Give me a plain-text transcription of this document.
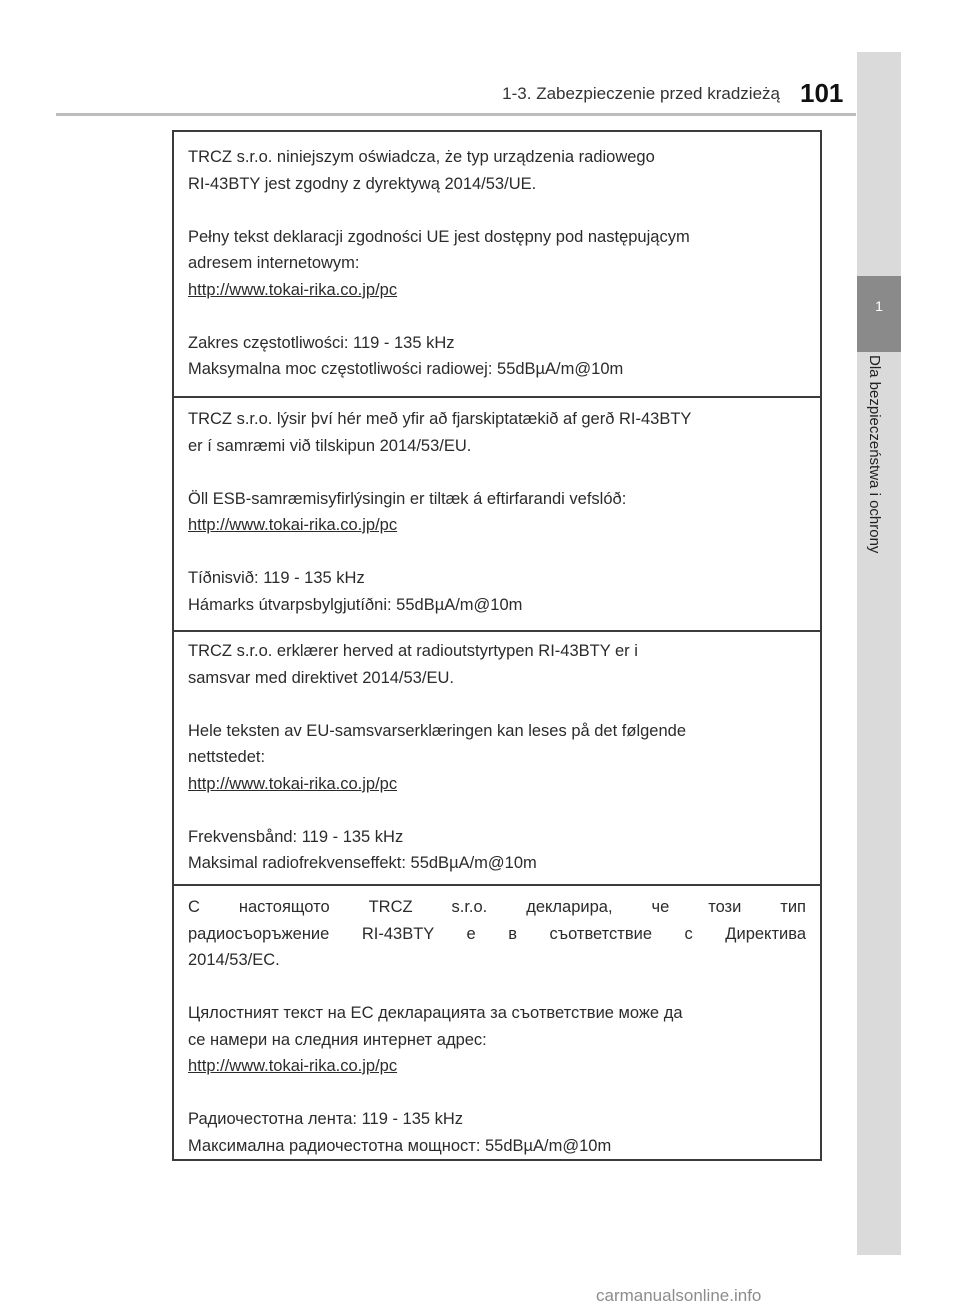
1-3. Zabezpieczenie przed kradzieżą 101
1
Dla bezpieczeństwa i ochrony
TRCZ s.r.o. niniejszym oświadcza, że typ urządzenia radiowego
RI-43BTY jest zgodny z dyrektywą 2014/53/UE.
Pełny tekst deklaracji zgodności UE jest dostępny pod następującym
adresem internetowym:
http://www.tokai-rika.co.jp/pc
Zakres częstotliwości: 119 - 135 kHz
Maksymalna moc częstotliwości radiowej: 55dBµA/m@10m
TRCZ s.r.o. lýsir því hér með yfir að fjarskiptatækið af gerð RI-43BTY
er í samræmi við tilskipun 2014/53/EU.
Öll ESB-samræmisyfirlýsingin er tiltæk á eftirfarandi vefslóð:
http://www.tokai-rika.co.jp/pc
Tíðnisvið: 119 - 135 kHz
Hámarks útvarpsbylgjutíðni: 55dBµA/m@10m
TRCZ s.r.o. erklærer herved at radioutstyrtypen RI-43BTY er i
samsvar med direktivet 2014/53/EU.
Hele teksten av EU-samsvarserklæringen kan leses på det følgende
nettstedet:
http://www.tokai-rika.co.jp/pc
Frekvensbånd: 119 - 135 kHz
Maksimal radiofrekvenseffekt: 55dBµA/m@10m
С настоящото TRCZ s.r.o. декларира, че този тип
радиосъоръжение RI-43BTY е в съответствие с Директива
2014/53/ЕС.
Цялостният текст на ЕС декларацията за съответствие може да
се намери на следния интернет адрес:
http://www.tokai-rika.co.jp/pc
Радиочестотна лента: 119 - 135 kHz
Максимална радиочестотна мощност: 55dBµA/m@10m
carmanualsonline.info
